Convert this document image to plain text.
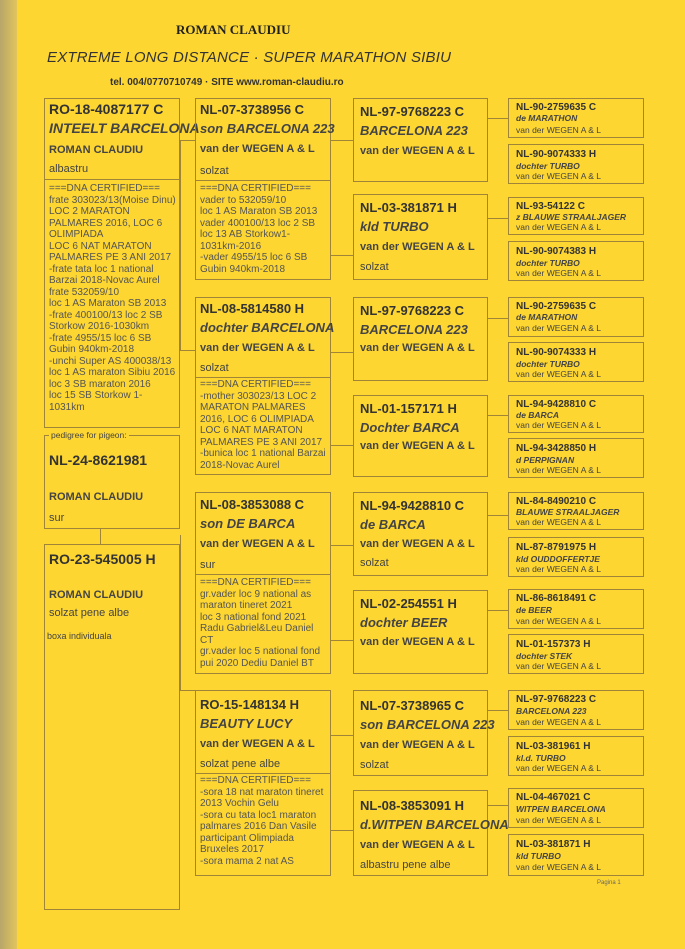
ROMAN CLAUDIU
EXTREME LONG DISTANCE · SUPER MARATHON SIBIU
tel. 004/0770710749 · SITE www.roman-claudiu.ro
RO-18-4087177 C
INTEELT BARCELONA
ROMAN CLAUDIU
albastru
===DNA CERTIFIED===
frate 303023/13(Moise Dinu)
LOC 2 MARATON
PALMARES 2016, LOC 6
OLIMPIADA
LOC 6 NAT MARATON
PALMARES PE 3 ANI 2017
-frate tata loc 1 national
Barzai 2018-Novac Aurel
frate 532059/10
loc 1 AS Maraton SB 2013
-frate 400100/13 loc 2 SB
Storkow 2016-1030km
-frate 4955/15 loc 6 SB
Gubin 940km-2018
-unchi Super AS 400038/13
loc 1 AS maraton Sibiu 2016
loc 3 SB maraton 2016
loc 15 SB Storkow 1-
1031km
pedigree for pigeon:
NL-24-8621981
ROMAN CLAUDIU
sur
RO-23-545005 H
ROMAN CLAUDIU
solzat pene albe
boxa individuala
NL-07-3738956 C
son BARCELONA 223
van der WEGEN A & L
solzat
===DNA CERTIFIED===
vader to 532059/10
loc 1 AS Maraton SB 2013
vader 400100/13 loc 2 SB
loc 13 AB Storkow1-
1031km-2016
-vader 4955/15 loc 6 SB
Gubin 940km-2018
NL-08-5814580 H
dochter BARCELONA
van der WEGEN A & L
solzat
===DNA CERTIFIED===
-mother 303023/13 LOC 2
MARATON PALMARES
2016, LOC 6 OLIMPIADA
LOC 6 NAT MARATON
PALMARES PE 3 ANI 2017
-bunica loc 1 national Barzai
2018-Novac Aurel
NL-08-3853088 C
son DE BARCA
van der WEGEN A & L
sur
===DNA CERTIFIED===
gr.vader loc 9 national as
maraton tineret 2021
loc 3 national fond 2021
Radu Gabriel&Leu Daniel
CT
gr.vader loc 5 national fond
pui 2020 Dediu Daniel BT
RO-15-148134 H
BEAUTY LUCY
van der WEGEN A & L
solzat pene albe
===DNA CERTIFIED===
-sora 18 nat maraton tineret
2013 Vochin Gelu
-sora cu tata loc1 maraton
palmares 2016 Dan Vasile
participant Olimpiada
Bruxeles 2017
-sora mama 2 nat AS
NL-97-9768223 C
BARCELONA 223
van der WEGEN A & L
NL-03-381871 H
kld TURBO
van der WEGEN A & L
solzat
NL-97-9768223 C
BARCELONA 223
van der WEGEN A & L
NL-01-157171 H
Dochter BARCA
van der WEGEN A & L
NL-94-9428810 C
de BARCA
van der WEGEN A & L
solzat
NL-02-254551 H
dochter BEER
van der WEGEN A & L
NL-07-3738965 C
son BARCELONA 223
van der WEGEN A & L
solzat
NL-08-3853091 H
d.WITPEN BARCELONA
van der WEGEN A & L
albastru pene albe
NL-90-2759635 C
de MARATHON
van der WEGEN A & L
NL-90-9074333 H
dochter TURBO
van der WEGEN A & L
NL-93-54122 C
z BLAUWE STRAALJAGER
van der WEGEN A & L
NL-90-9074383 H
dochter TURBO
van der WEGEN A & L
NL-90-2759635 C
de MARATHON
van der WEGEN A & L
NL-90-9074333 H
dochter TURBO
van der WEGEN A & L
NL-94-9428810 C
de BARCA
van der WEGEN A & L
NL-94-3428850 H
d PERPIGNAN
van der WEGEN A & L
NL-84-8490210 C
BLAUWE STRAALJAGER
van der WEGEN A & L
NL-87-8791975 H
kld OUDDOFFERTJE
van der WEGEN A & L
NL-86-8618491 C
de BEER
van der WEGEN A & L
NL-01-157373 H
dochter STEK
van der WEGEN A & L
NL-97-9768223 C
BARCELONA 223
van der WEGEN A & L
NL-03-381961 H
kl.d. TURBO
van der WEGEN A & L
NL-04-467021 C
WITPEN BARCELONA
van der WEGEN A & L
NL-03-381871 H
kld TURBO
van der WEGEN A & L
Pagina 1
